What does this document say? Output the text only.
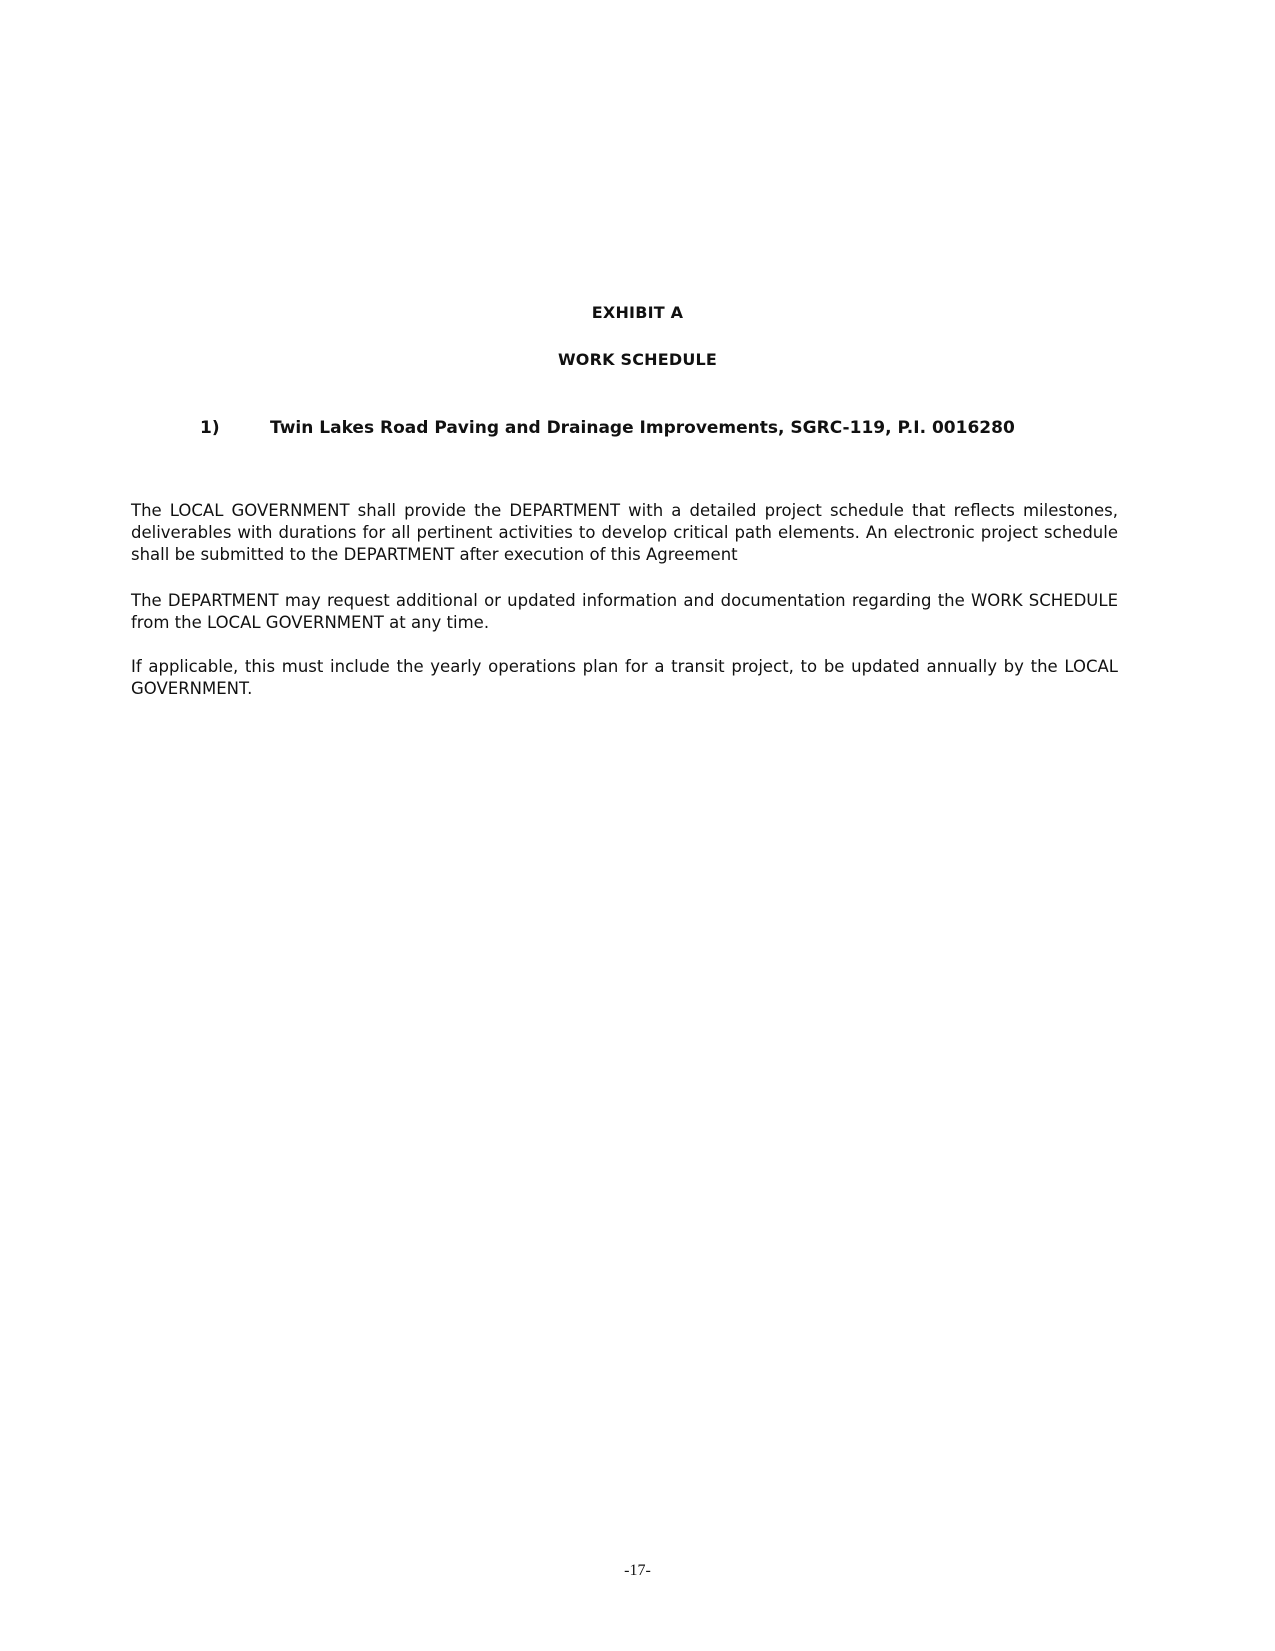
EXHIBIT A
WORK SCHEDULE
1)	Twin Lakes Road Paving and Drainage Improvements, SGRC-119, P.I. 0016280

The LOCAL GOVERNMENT shall provide the DEPARTMENT with a detailed project schedule that reflects milestones, deliverables with durations for all pertinent activities to develop critical path elements. An electronic project schedule shall be submitted to the DEPARTMENT after execution of this Agreement

The DEPARTMENT may request additional or updated information and documentation regarding the WORK SCHEDULE from the LOCAL GOVERNMENT at any time.

If applicable, this must include the yearly operations plan for a transit project, to be updated annually by the LOCAL GOVERNMENT.

-17-
